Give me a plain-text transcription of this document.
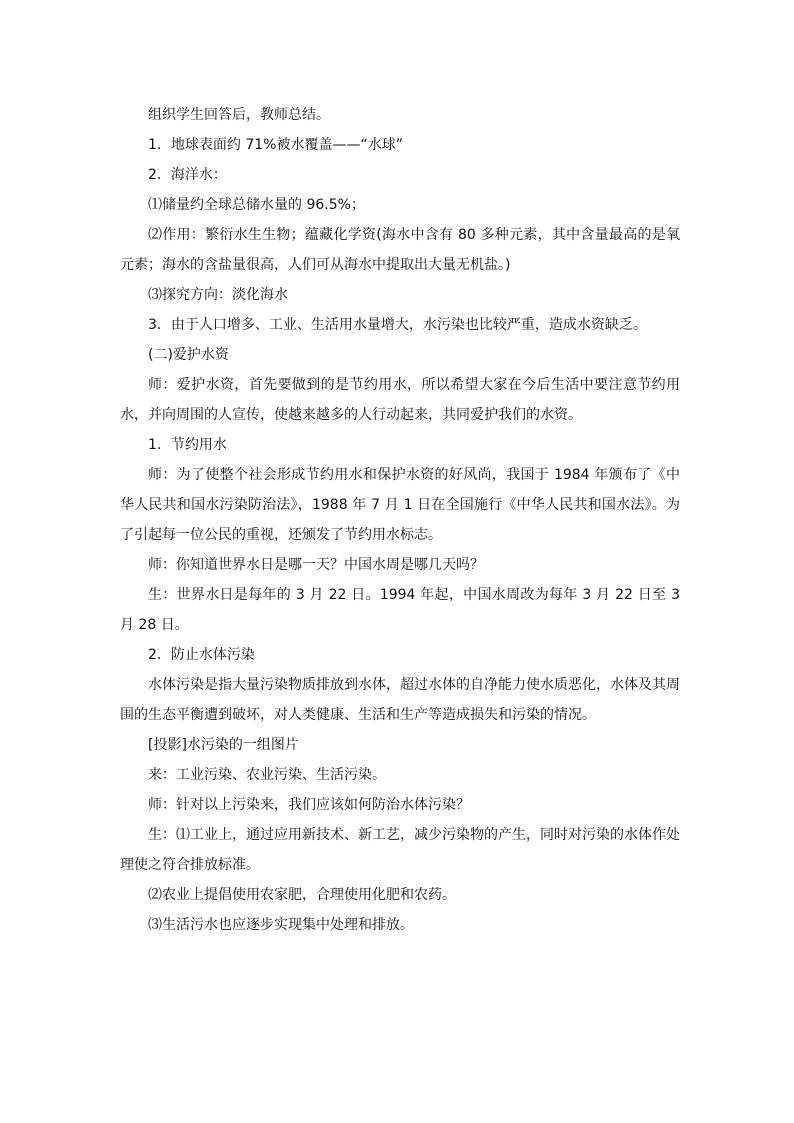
组织学生回答后，教师总结。

1．地球表面约 71%被水覆盖——“水球”

2．海洋水：

⑴储量约全球总储水量的 96.5%；

⑵作用：繁衍水生生物；蕴藏化学资(海水中含有 80 多种元素，其中含量最高的是氧元素；海水的含盐量很高，人们可从海水中提取出大量无机盐。)

⑶探究方向：淡化海水

3．由于人口增多、工业、生活用水量增大，水污染也比较严重，造成水资缺乏。

(二)爱护水资

师：爱护水资，首先要做到的是节约用水，所以希望大家在今后生活中要注意节约用水，并向周围的人宣传，使越来越多的人行动起来，共同爱护我们的水资。

1．节约用水

师：为了使整个社会形成节约用水和保护水资的好风尚，我国于 1984 年颁布了《中华人民共和国水污染防治法》，1988 年 7 月 1 日在全国施行《中华人民共和国水法》。为了引起每一位公民的重视，还颁发了节约用水标志。

师：你知道世界水日是哪一天？中国水周是哪几天吗？

生：世界水日是每年的 3 月 22 日。1994 年起，中国水周改为每年 3 月 22 日至 3 月 28 日。

2．防止水体污染

水体污染是指大量污染物质排放到水体，超过水体的自净能力使水质恶化，水体及其周围的生态平衡遭到破坏，对人类健康、生活和生产等造成损失和污染的情况。

[投影]水污染的一组图片

来：工业污染、农业污染、生活污染。

师：针对以上污染来，我们应该如何防治水体污染？

生：⑴工业上，通过应用新技术、新工艺，减少污染物的产生，同时对污染的水体作处理使之符合排放标准。

⑵农业上提倡使用农家肥，合理使用化肥和农药。

⑶生活污水也应逐步实现集中处理和排放。
